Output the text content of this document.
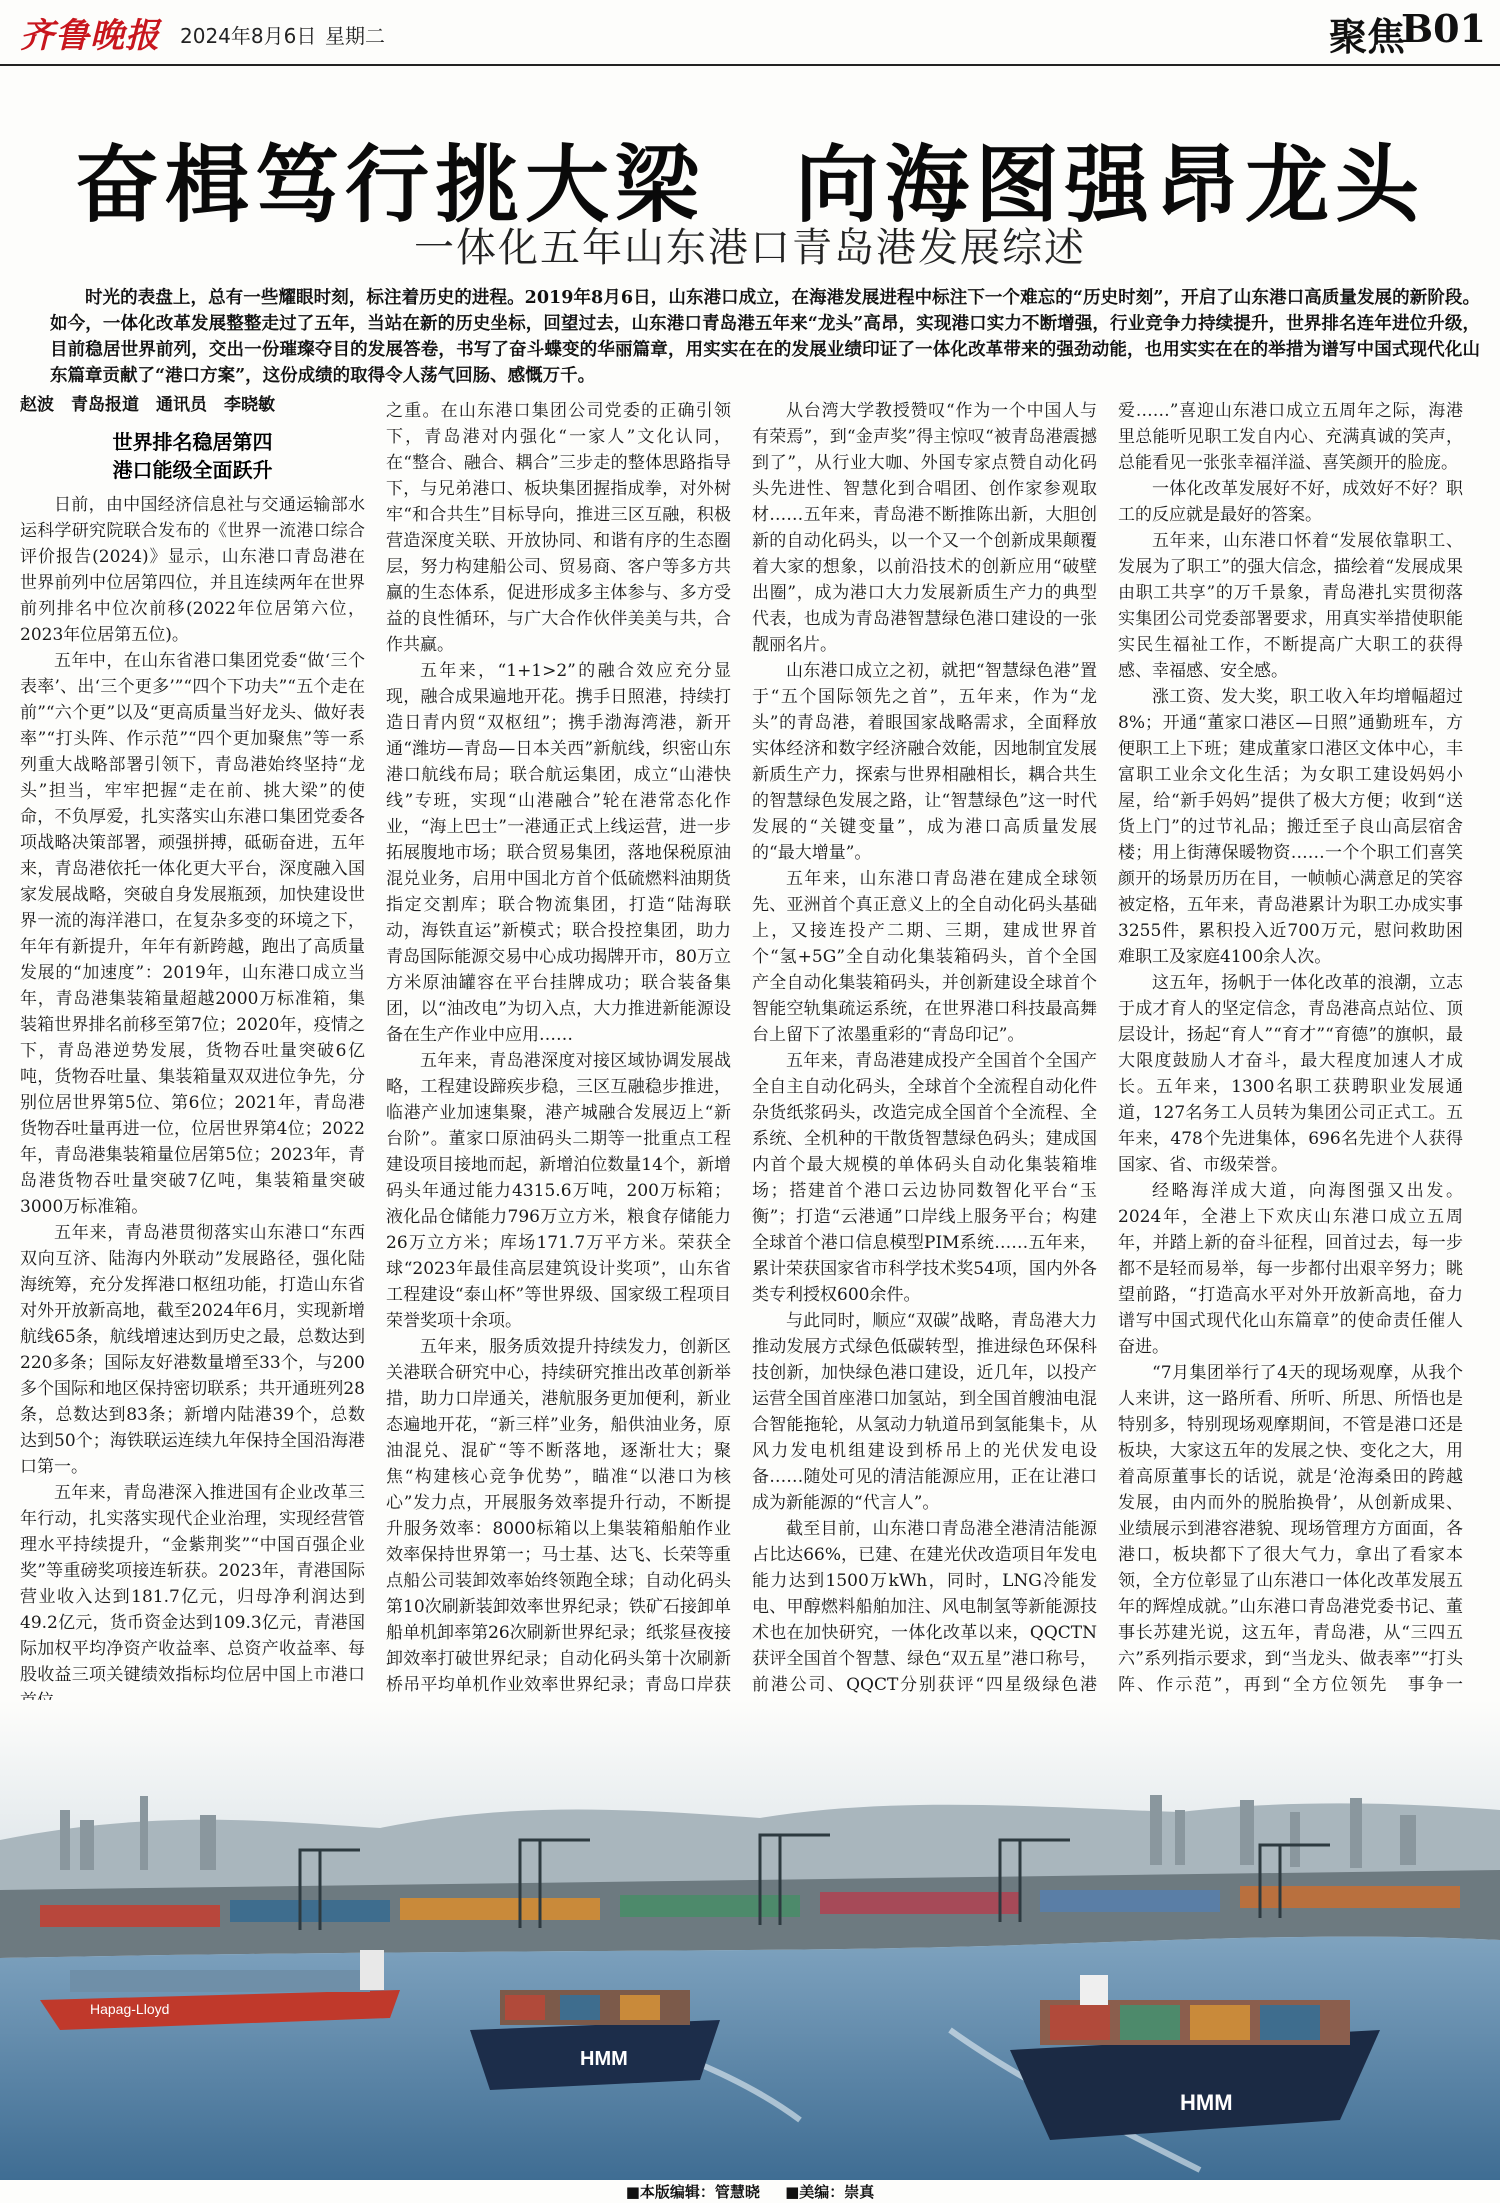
齐鲁晚报 2024年8月6日 星期二	聚焦
B01
奋楫笃行挑大梁　向海图强昂龙头
一体化五年山东港口青岛港发展综述
时光的表盘上，总有一些耀眼时刻，标注着历史的进程。2019年8月6日，山东港口成立，在海港发展进程中标注下一个难忘的“历史时刻”，开启了山东港口高质量发展的新阶段。如今，一体化改革发展整整走过了五年，当站在新的历史坐标，回望过去，山东港口青岛港五年来“龙头”高昂，实现港口实力不断增强，行业竞争力持续提升，世界排名连年进位升级，目前稳居世界前列，交出一份璀璨夺目的发展答卷，书写了奋斗蝶变的华丽篇章，用实实在在的发展业绩印证了一体化改革带来的强劲动能，也用实实在在的举措为谱写中国式现代化山东篇章贡献了“港口方案”，这份成绩的取得令人荡气回肠、感慨万千。
赵波　青岛报道　通讯员　李晓敏
世界排名稳居第四
港口能级全面跃升

日前，由中国经济信息社与交通运输部水运科学研究院联合发布的《世界一流港口综合评价报告(2024)》显示，山东港口青岛港在世界前列中位居第四位，并且连续两年在世界前列排名中位次前移(2022年位居第六位，2023年位居第五位)。

五年中，在山东省港口集团党委“做‘三个表率’、出‘三个更多’”“四个下功夫”“五个走在前”“六个更”以及“更高质量当好龙头、做好表率”“打头阵、作示范”“四个更加聚焦”等一系列重大战略部署引领下，青岛港始终坚持“龙头”担当，牢牢把握“走在前、挑大梁”的使命，不负厚爱，扎实落实山东港口集团党委各项战略决策部署，顽强拼搏，砥砺奋进，五年来，青岛港依托一体化更大平台，深度融入国家发展战略，突破自身发展瓶颈，加快建设世界一流的海洋港口，在复杂多变的环境之下，年年有新提升，年年有新跨越，跑出了高质量发展的“加速度”：2019年，山东港口成立当年，青岛港集装箱量超越2000万标准箱，集装箱世界排名前移至第7位；2020年，疫情之下，青岛港逆势发展，货物吞吐量突破6亿吨，货物吞吐量、集装箱量双双进位争先，分别位居世界第5位、第6位；2021年，青岛港货物吞吐量再进一位，位居世界第4位；2022年，青岛港集装箱量位居第5位；2023年，青岛港货物吞吐量突破7亿吨，集装箱量突破3000万标准箱。

五年来，青岛港贯彻落实山东港口“东西双向互济、陆海内外联动”发展路径，强化陆海统筹，充分发挥港口枢纽功能，打造山东省对外开放新高地，截至2024年6月，实现新增航线65条，航线增速达到历史之最，总数达到220多条；国际友好港数量增至33个，与200多个国际和地区保持密切联系；共开通班列28条，总数达到83条；新增内陆港39个，总数达到50个；海铁联运连续九年保持全国沿海港口第一。

五年来，青岛港深入推进国有企业改革三年行动，扎实落实现代企业治理，实现经营管理水平持续提升，“金紫荆奖”“中国百强企业奖”等重磅奖项接连斩获。2023年，青港国际营业收入达到181.7亿元，归母净利润达到49.2亿元，货币资金达到109.3亿元，青港国际加权平均净资产收益率、总资产收益率、每股收益三项关键绩效指标均位居中国上市港口

之重。在山东港口集团公司党委的正确引领下，青岛港对内强化“一家人”文化认同，在“整合、融合、耦合”三步走的整体思路指导下，与兄弟港口、板块集团握指成拳，对外树牢“和合共生”目标导向，推进三区互融，积极营造深度关联、开放协同、和谐有序的生态圈层，努力构建船公司、贸易商、客户等多方共赢的生态体系，促进形成多主体参与、多方受益的良性循环，与广大合作伙伴美美与共，合作共赢。

五年来，“1+1>2”的融合效应充分显现，融合成果遍地开花。携手日照港，持续打造日青内贸“双枢纽”；携手渤海湾港，新开通“潍坊—青岛—日本关西”新航线，织密山东港口航线布局；联合航运集团，成立“山港快线”专班，实现“山港融合”轮在港常态化作业，“海上巴士”一港通正式上线运营，进一步拓展腹地市场；联合贸易集团，落地保税原油混兑业务，启用中国北方首个低硫燃料油期货指定交割库；联合物流集团，打造“陆海联动，海铁直运”新模式；联合投控集团，助力青岛国际能源交易中心成功揭牌开市，80万立方米原油罐容在平台挂牌成功；联合装备集团，以“油改电”为切入点，大力推进新能源设备在生产作业中应用……

五年来，青岛港深度对接区域协调发展战略，工程建设蹄疾步稳，三区互融稳步推进，临港产业加速集聚，港产城融合发展迈上“新台阶”。董家口原油码头二期等一批重点工程建设项目接地而起，新增泊位数量14个，新增码头年通过能力4315.6万吨，200万标箱；液化品仓储能力796万立方米，粮食存储能力26万立方米；库场171.7万平方米。荣获全球“2023年最佳高层建筑设计奖项”，山东省工程建设“泰山杯”等世界级、国家级工程项目荣誉奖项十余项。

五年来，服务质效提升持续发力，创新区关港联合研究中心，持续研究推出改革创新举措，助力口岸通关，港航服务更加便利，新业态遍地开花，“新三样”业务，船供油业务，原油混兑、混矿“等不断落地，逐渐壮大；聚焦“构建核心竞争优势”，瞄准“以港口为核心”发力点，开展服务效率提升行动，不断提升服务效率：8000标箱以上集装箱船舶作业效率保持世界第一；马士基、达飞、长荣等重点船公司装卸效率始终领跑全球；自动化码头第10次刷新装卸效率世界纪录；铁矿石接卸单船单机卸率第26次刷新世界纪录；纸浆昼夜接卸效率打破世界纪录；自动化码头第十次刷新桥吊平均单机作业效率世界纪录；青岛口岸获

从台湾大学教授赞叹“作为一个中国人与有荣焉”，到“金声奖”得主惊叹“被青岛港震撼到了”，从行业大咖、外国专家点赞自动化码头先进性、智慧化到合唱团、创作家参观取材……五年来，青岛港不断推陈出新，大胆创新的自动化码头，以一个又一个创新成果颠覆着大家的想象，以前沿技术的创新应用“破壁出圈”，成为港口大力发展新质生产力的典型代表，也成为青岛港智慧绿色港口建设的一张靓丽名片。

山东港口成立之初，就把“智慧绿色港”置于“五个国际领先之首”，五年来，作为“龙头”的青岛港，着眼国家战略需求，全面释放实体经济和数字经济融合效能，因地制宜发展新质生产力，探索与世界相融相长，耦合共生的智慧绿色发展之路，让“智慧绿色”这一时代发展的“关键变量”，成为港口高质量发展的“最大增量”。

五年来，山东港口青岛港在建成全球领先、亚洲首个真正意义上的全自动化码头基础上，又接连投产二期、三期，建成世界首个“氢+5G”全自动化集装箱码头，首个全国产全自动化集装箱码头，并创新建设全球首个智能空轨集疏运系统，在世界港口科技最高舞台上留下了浓墨重彩的“青岛印记”。

五年来，青岛港建成投产全国首个全国产全自主自动化码头，全球首个全流程自动化件杂货纸浆码头，改造完成全国首个全流程、全系统、全机种的干散货智慧绿色码头；建成国内首个最大规模的单体码头自动化集装箱堆场；搭建首个港口云边协同数智化平台“玉衡”；打造“云港通”口岸线上服务平台；构建全球首个港口信息模型PIM系统……五年来，累计荣获国家省市科学技术奖54项，国内外各类专利授权600余件。

与此同时，顺应“双碳”战略，青岛港大力推动发展方式绿色低碳转型，推进绿色环保科技创新，加快绿色港口建设，近几年，以投产运营全国首座港口加氢站，到全国首艘油电混合智能拖轮，从氢动力轨道吊到氢能集卡，从风力发电机组建设到桥吊上的光伏发电设备……随处可见的清洁能源应用，正在让港口成为新能源的“代言人”。

截至目前，山东港口青岛港全港清洁能源占比达66%，已建、在建光伏改造项目年发电能力达到1500万kWh，同时，LNG冷能发电、甲醇燃料船舶加注、风电制氢等新能源技术也在加快研究，一体化改革以来，QQCTN获评全国首个智慧、绿色“双五星”港口称号，前港公司、QQCT分别获评“四星级绿色港

爱……”喜迎山东港口成立五周年之际，海港里总能听见职工发自内心、充满真诚的笑声，总能看见一张张幸福洋溢、喜笑颜开的脸庞。

一体化改革发展好不好，成效好不好？职工的反应就是最好的答案。

五年来，山东港口怀着“发展依靠职工、发展为了职工”的强大信念，描绘着“发展成果由职工共享”的万千景象，青岛港扎实贯彻落实集团公司党委部署要求，用真实举措使职能实民生福祉工作，不断提高广大职工的获得感、幸福感、安全感。

涨工资、发大奖，职工收入年均增幅超过8%；开通“董家口港区—日照”通勤班车，方便职工上下班；建成董家口港区文体中心，丰富职工业余文化生活；为女职工建设妈妈小屋，给“新手妈妈”提供了极大方便；收到“送货上门”的过节礼品；搬迁至子良山高层宿舍楼；用上街薄保暖物资……一个个职工们喜笑颜开的场景历历在目，一帧帧心满意足的笑容被定格，五年来，青岛港累计为职工办成实事3255件，累积投入近700万元，慰问救助困难职工及家庭4100余人次。

这五年，扬帆于一体化改革的浪潮，立志于成才育人的坚定信念，青岛港高点站位、顶层设计，扬起“育人”“育才”“育德”的旗帜，最大限度鼓励人才奋斗，最大程度加速人才成长。五年来，1300名职工获聘职业发展通道，127名务工人员转为集团公司正式工。五年来，478个先进集体，696名先进个人获得国家、省、市级荣誉。

经略海洋成大道，向海图强又出发。2024年，全港上下欢庆山东港口成立五周年，并踏上新的奋斗征程，回首过去，每一步都不是轻而易举，每一步都付出艰辛努力；眺望前路，“打造高水平对外开放新高地，奋力谱写中国式现代化山东篇章”的使命责任催人奋进。

“7月集团举行了4天的现场观摩，从我个人来讲，这一路所看、所听、所思、所悟也是特别多，特别现场观摩期间，不管是港口还是板块，大家这五年的发展之快、变化之大，用着高原董事长的话说，就是‘沧海桑田的跨越发展，由内而外的脱胎换骨’，从创新成果、业绩展示到港容港貌、现场管理方方面面，各港口，板块都下了很大气力，拿出了看家本领，全方位彰显了山东港口一体化改革发展五年的辉煌成就。”山东港口青岛港党委书记、董事长苏建光说，这五年，青岛港，从“三四五六”系列指示要求，到“当龙头、做表率”“打头阵、作示范”，再到“全方位领先　事争一

Hapag-Lloyd
HMM
HMM
■本版编辑：管慧晓 ■美编：崇真
